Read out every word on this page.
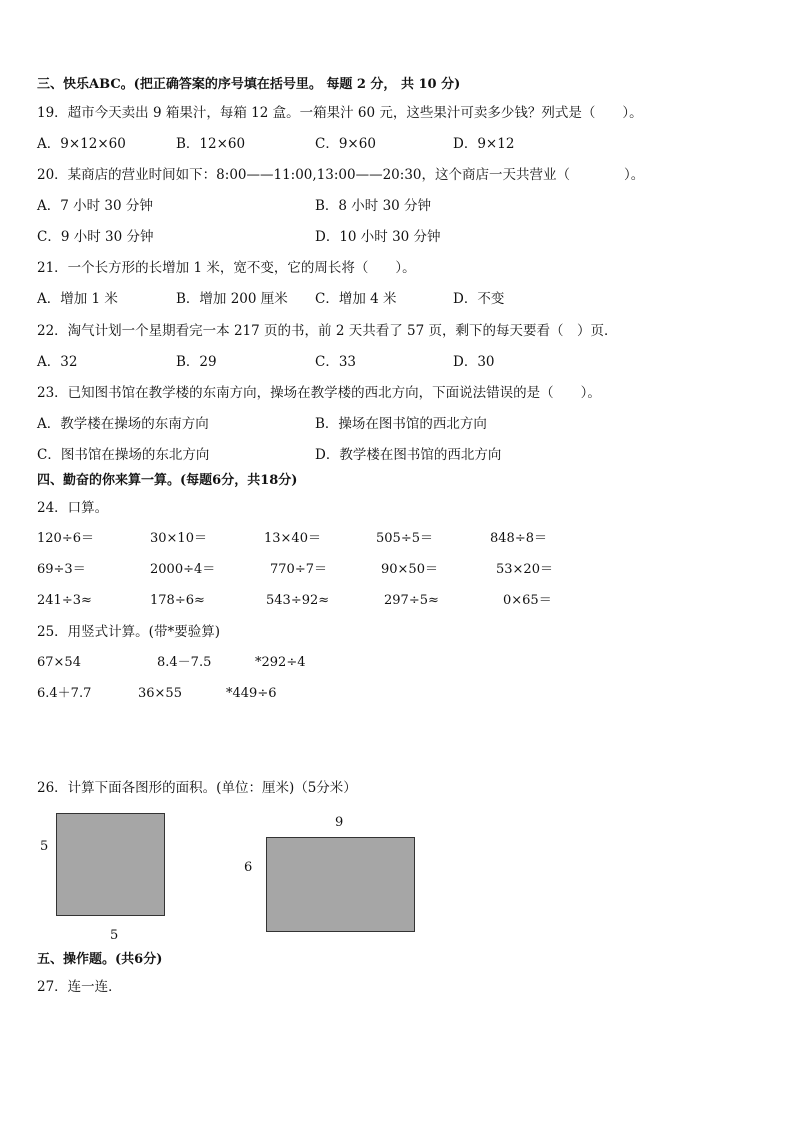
三、快乐ABC。(把正确答案的序号填在括号里。 每题 2 分， 共 10 分)
19．超市今天卖出 9 箱果汁，每箱 12 盒。一箱果汁 60 元，这些果汁可卖多少钱？列式是（　　）。
A．9×12×60	B．12×60	C．9×60	D．9×12
20．某商店的营业时间如下：8:00——11:00,13:00——20:30，这个商店一天共营业（　　　　）。
A．7 小时 30 分钟	B．8 小时 30 分钟
C．9 小时 30 分钟	D．10 小时 30 分钟
21．一个长方形的长增加 1 米，宽不变，它的周长将（　　）。
A．增加 1 米	B．增加 200 厘米 C．增加 4 米	D．不变
22．淘气计划一个星期看完一本 217 页的书，前 2 天共看了 57 页，剩下的每天要看（　）页．
A．32	B．29	C．33	D．30
23．已知图书馆在教学楼的东南方向，操场在教学楼的西北方向，下面说法错误的是（　　）。
A．教学楼在操场的东南方向	B．操场在图书馆的西北方向
C．图书馆在操场的东北方向	D．教学楼在图书馆的西北方向
四、勤奋的你来算一算。(每题6分，共18分)
24．口算。
120÷6＝	30×10＝	13×40＝	505÷5＝	848÷8＝
69÷3＝	2000÷4＝	770÷7＝	90×50＝	53×20＝
241÷3≈	178÷6≈	543÷92≈	297÷5≈	0×65＝
25．用竖式计算。(带*要验算)
67×54	8.4－7.5	*292÷4
6.4＋7.7	36×55	*449÷6
26．计算下面各图形的面积。(单位：厘米)（5分米）
5
5
9
6
五、操作题。(共6分)
27．连一连．
